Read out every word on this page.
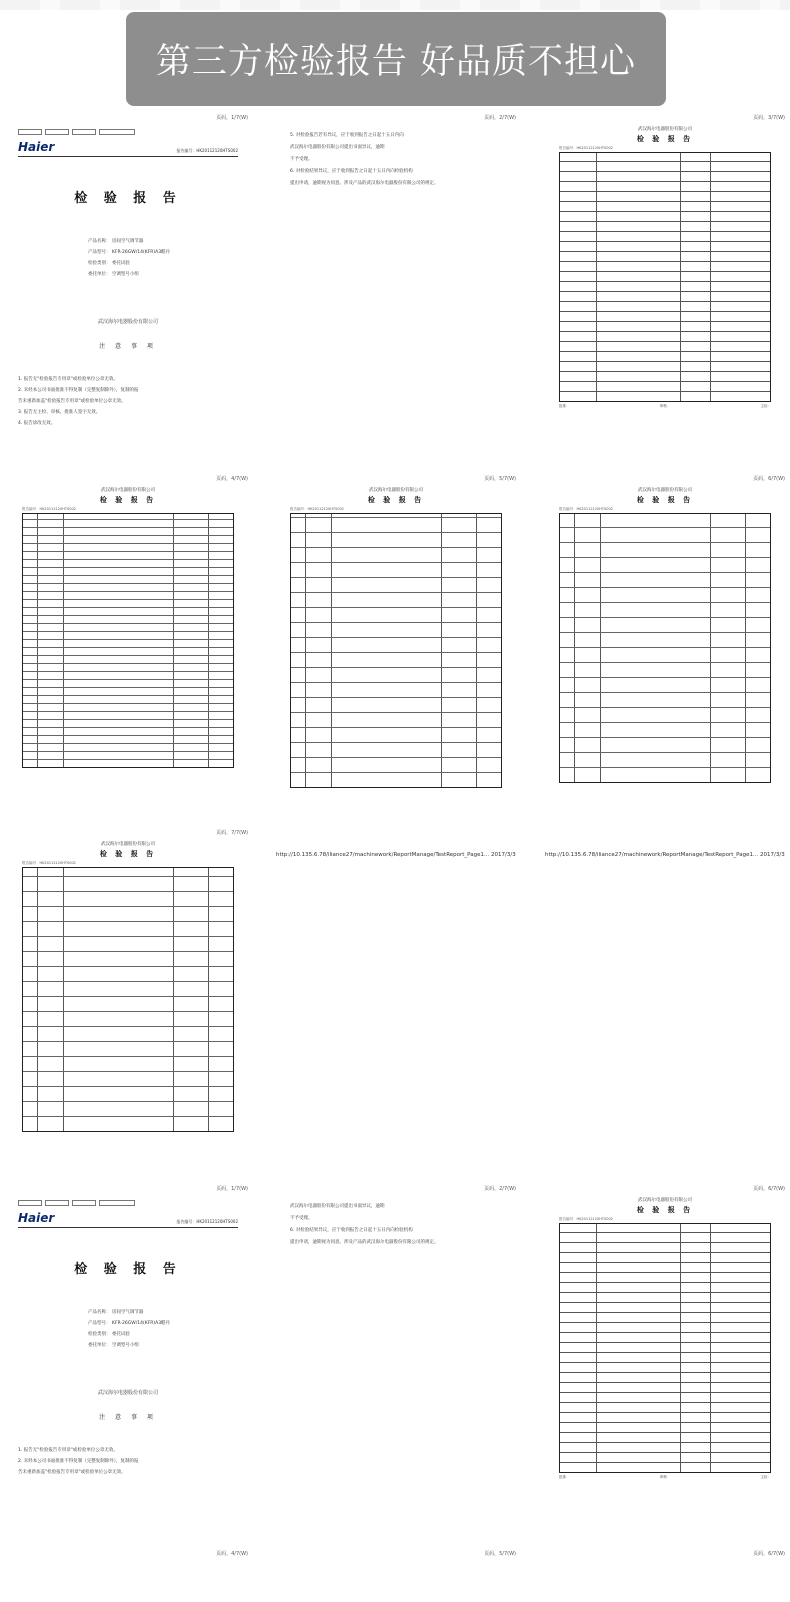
第三方检验报告 好品质不担心
页码，1/7(W)
Haier	报告编号：HK20112120HTS002
检 验 报 告
产品名称： 房间空气调节器
产品型号： KFR-26GW/14(KFR)A3酷丹
检验类别： 委托试验
委托单位： 空调型号小组
武汉海尔电器股份有限公司
注 意 事 项
1. 报告无"检验报告专用章"或检验单位公章无效。
2. 未经本公司书面批准不得复制（完整复制除外），复制的报
告未重新加盖"检验报告专用章"或检验单位公章无效。
3. 报告无主检、审核、批准人签字无效。
4. 报告涂改无效。
页码，2/7(W)
5. 对检验报告若有异议，应于收到报告之日起十五日内向
武汉海尔电器股份有限公司提出书面异议，逾期
不予受理。
6. 对检验结果异议，应于收到报告之日起十五日内向检验机构
提出申请，逾期视为同意。涉及产品的武汉海尔电器股份有限公司的规定。
页码，3/7(W)
武汉海尔电器股份有限公司
检 验 报 告
报告编号：HK20112120HTS002
批准：	审核：	主检：
页码，4/7(W)
武汉海尔电器股份有限公司
检 验 报 告
报告编号：HK20112120HTS002
页码，5/7(W)
武汉海尔电器股份有限公司
检 验 报 告
报告编号：HK20112120HTS002
页码，6/7(W)
武汉海尔电器股份有限公司
检 验 报 告
报告编号：HK20112120HTS002
页码，7/7(W)
武汉海尔电器股份有限公司
检 验 报 告
报告编号：HK20112120HTS002
http://10.135.6.78/iliance27/machinework/ReportManage/TestReport_Page1... 2017/3/3	http://10.135.6.78/iliance27/machinework/ReportManage/TestReport_Page1... 2017/3/3
页码，1/7(W)
Haier	报告编号：HK20112120HTS002
检 验 报 告
产品名称： 房间空气调节器
产品型号： KFR-26GW/14(KFR)A3酷丹
检验类别： 委托试验
委托单位： 空调型号小组
武汉海尔电器股份有限公司
注 意 事 项
1. 报告无"检验报告专用章"或检验单位公章无效。
2. 未经本公司书面批准不得复制（完整复制除外），复制的报
告未重新加盖"检验报告专用章"或检验单位公章无效。
页码，2/7(W)
武汉海尔电器股份有限公司提出书面异议，逾期
不予受理。
6. 对检验结果异议，应于收到报告之日起十五日内向检验机构
提出申请，逾期视为同意。涉及产品的武汉海尔电器股份有限公司的规定。
页码，6/7(W)
武汉海尔电器股份有限公司
检 验 报 告
报告编号：HK20112120HTS002
批准：	审核：	主检：
页码，4/7(W)	页码，5/7(W)	页码，6/7(W)
